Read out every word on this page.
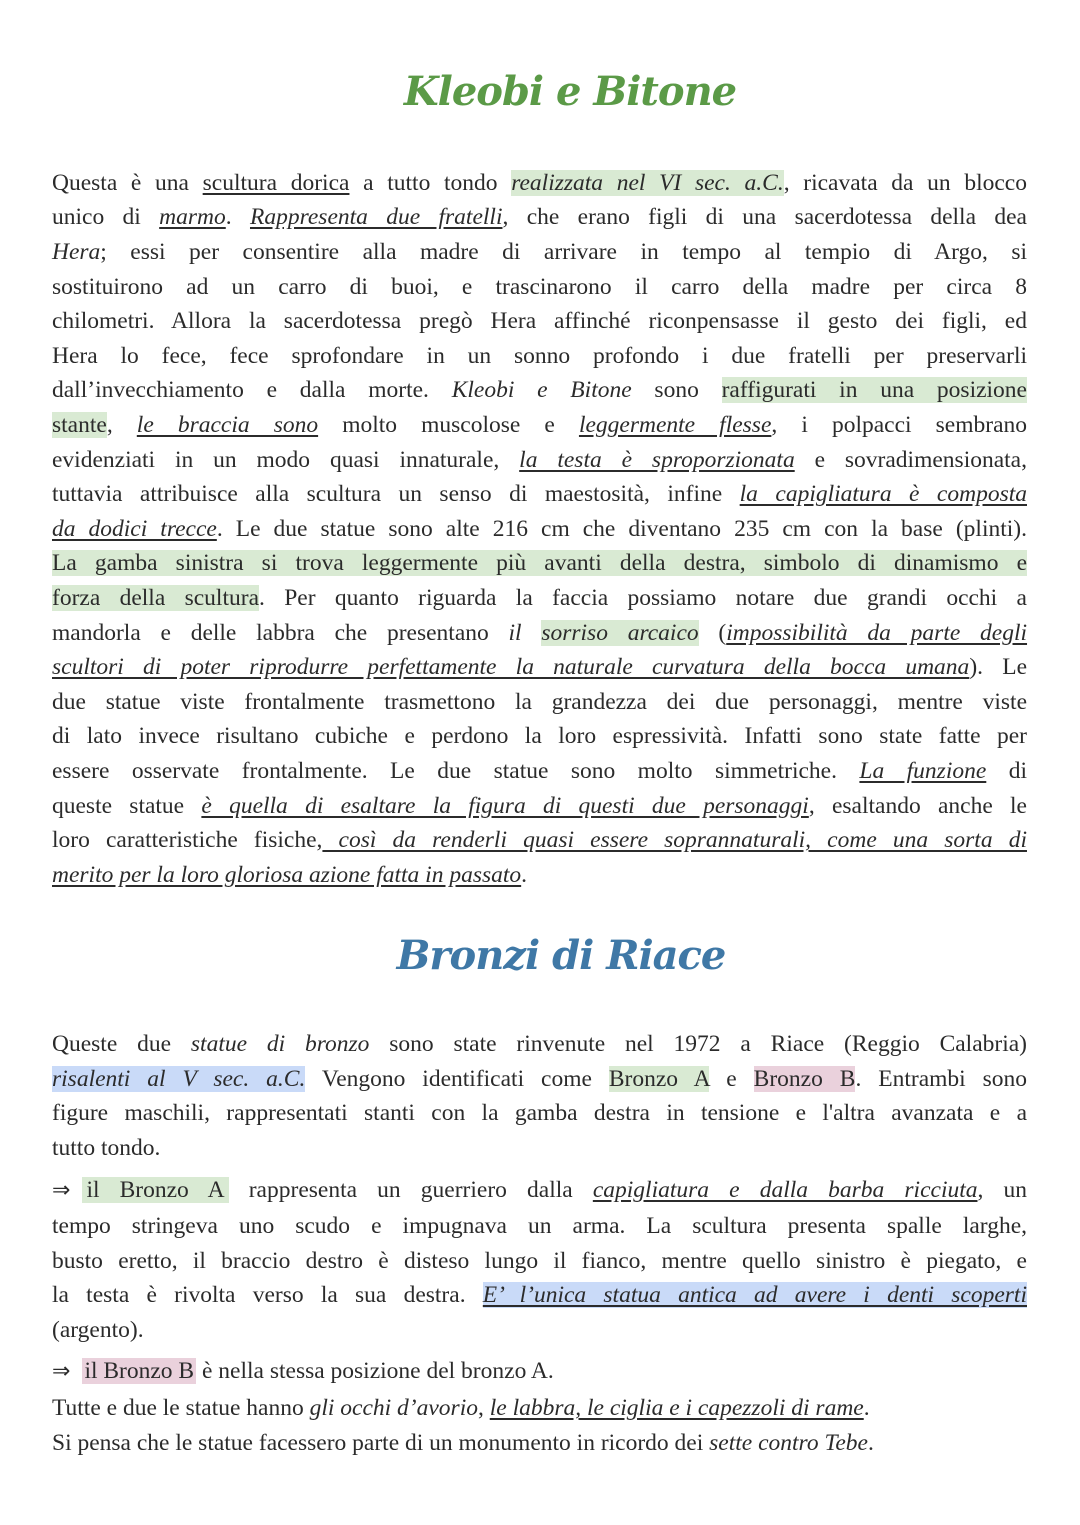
Kleobi e Bitone
Questa è una scultura dorica a tutto tondo realizzata nel VI sec. a.C., ricavata da un blocco
unico di marmo. Rappresenta due fratelli, che erano figli di una sacerdotessa della dea
Hera; essi per consentire alla madre di arrivare in tempo al tempio di Argo, si
sostituirono ad un carro di buoi, e trascinarono il carro della madre per circa 8
chilometri. Allora la sacerdotessa pregò Hera affinché riconpensasse il gesto dei figli, ed
Hera lo fece, fece sprofondare in un sonno profondo i due fratelli per preservarli
dall’invecchiamento e dalla morte. Kleobi e Bitone sono raffigurati in una posizione
stante, le braccia sono molto muscolose e leggermente flesse, i polpacci sembrano
evidenziati in un modo quasi innaturale, la testa è sproporzionata e sovradimensionata,
tuttavia attribuisce alla scultura un senso di maestosità, infine la capigliatura è composta
da dodici trecce. Le due statue sono alte 216 cm che diventano 235 cm con la base (plinti).
La gamba sinistra si trova leggermente più avanti della destra, simbolo di dinamismo e
forza della scultura. Per quanto riguarda la faccia possiamo notare due grandi occhi a
mandorla e delle labbra che presentano il sorriso arcaico (impossibilità da parte degli
scultori di poter riprodurre perfettamente la naturale curvatura della bocca umana). Le
due statue viste frontalmente trasmettono la grandezza dei due personaggi, mentre viste
di lato invece risultano cubiche e perdono la loro espressività. Infatti sono state fatte per
essere osservate frontalmente. Le due statue sono molto simmetriche. La funzione di
queste statue è quella di esaltare la figura di questi due personaggi, esaltando anche le
loro caratteristiche fisiche, così da renderli quasi essere soprannaturali, come una sorta di
merito per la loro gloriosa azione fatta in passato.
Bronzi di Riace
Queste due statue di bronzo sono state rinvenute nel 1972 a Riace (Reggio Calabria)
risalenti al V sec. a.C. Vengono identificati come Bronzo A e Bronzo B. Entrambi sono
figure maschili, rappresentati stanti con la gamba destra in tensione e l'altra avanzata e a
tutto tondo.
⇒ il Bronzo A rappresenta un guerriero dalla capigliatura e dalla barba ricciuta, un
tempo stringeva uno scudo e impugnava un arma. La scultura presenta spalle larghe,
busto eretto, il braccio destro è disteso lungo il fianco, mentre quello sinistro è piegato, e
la testa è rivolta verso la sua destra. E’ l’unica statua antica ad avere i denti scoperti
(argento).
⇒ il Bronzo B è nella stessa posizione del bronzo A.
Tutte e due le statue hanno gli occhi d’avorio, le labbra, le ciglia e i capezzoli di rame.
Si pensa che le statue facessero parte di un monumento in ricordo dei sette contro Tebe.
